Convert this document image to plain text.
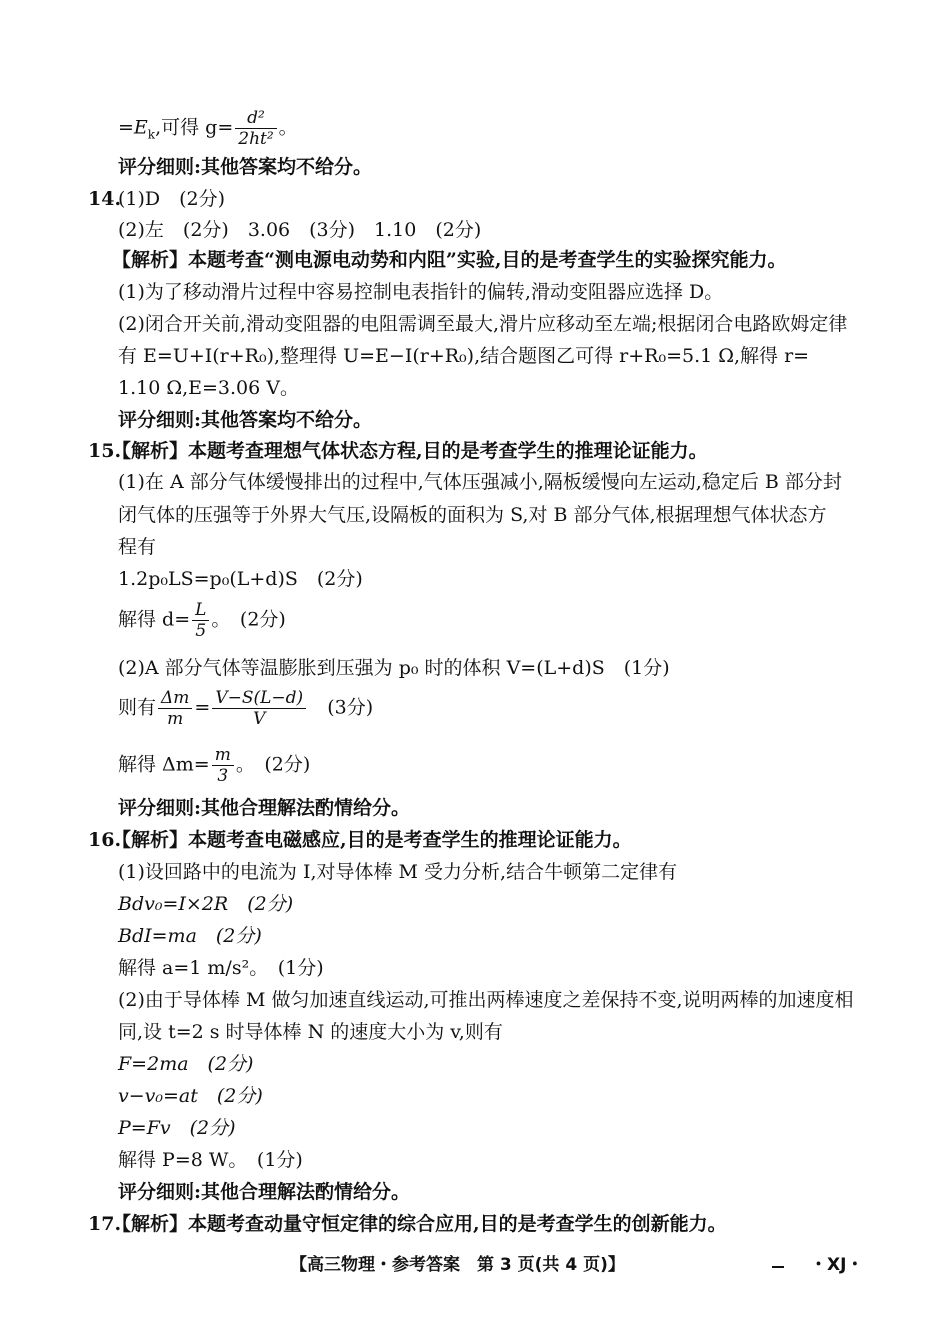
$=E_k$,可得 $g= \frac{\text{d²}}{\text{2ht²}}$ 。
评分细则:其他答案均不给分。
14.
(1)D　(2分)
(2)左　(2分)　3.06　(3分)　1.10　(2分)
【解析】本题考查“测电源电动势和内阻”实验,目的是考查学生的实验探究能力。
(1)为了移动滑片过程中容易控制电表指针的偏转,滑动变阻器应选择 D。
(2)闭合开关前,滑动变阻器的电阻需调至最大,滑片应移动至左端;根据闭合电路欧姆定律
有 E=U+I(r+R₀),整理得 U=E−I(r+R₀),结合题图乙可得 r+R₀=5.1 Ω,解得 r=
1.10 Ω,E=3.06 V。
评分细则:其他答案均不给分。
15.
【解析】本题考查理想气体状态方程,目的是考查学生的推理论证能力。
(1)在 A 部分气体缓慢排出的过程中,气体压强减小,隔板缓慢向左运动,稳定后 B 部分封
闭气体的压强等于外界大气压,设隔板的面积为 S,对 B 部分气体,根据理想气体状态方
程有
1.2p₀LS=p₀(L+d)S　(2分)
解得 $d= \frac{L}{5}$ 。　(2分)
(2)A 部分气体等温膨胀到压强为 p₀ 时的体积 V=(L+d)S　(1分)
则有 $\frac{\Delta m}{m} = \frac{V-S(L-d)}{V}$ 　(3分)
解得 $\Delta m= \frac{m}{3}$ 。　(2分)
评分细则:其他合理解法酌情给分。
16.
【解析】本题考查电磁感应,目的是考查学生的推理论证能力。
(1)设回路中的电流为 I,对导体棒 M 受力分析,结合牛顿第二定律有
Bdv₀=I×2R　(2分)
BdI=ma　(2分)
解得 a=1 m/s²。　(1分)
(2)由于导体棒 M 做匀加速直线运动,可推出两棒速度之差保持不变,说明两棒的加速度相
同,设 t=2 s 时导体棒 N 的速度大小为 v,则有
F=2ma　(2分)
v−v₀=at　(2分)
P=Fv　(2分)
解得 P=8 W。　(1分)
评分细则:其他合理解法酌情给分。
17.
【解析】本题考查动量守恒定律的综合应用,目的是考查学生的创新能力。
【高三物理・参考答案　第 3 页(共 4 页)】	・XJ・
